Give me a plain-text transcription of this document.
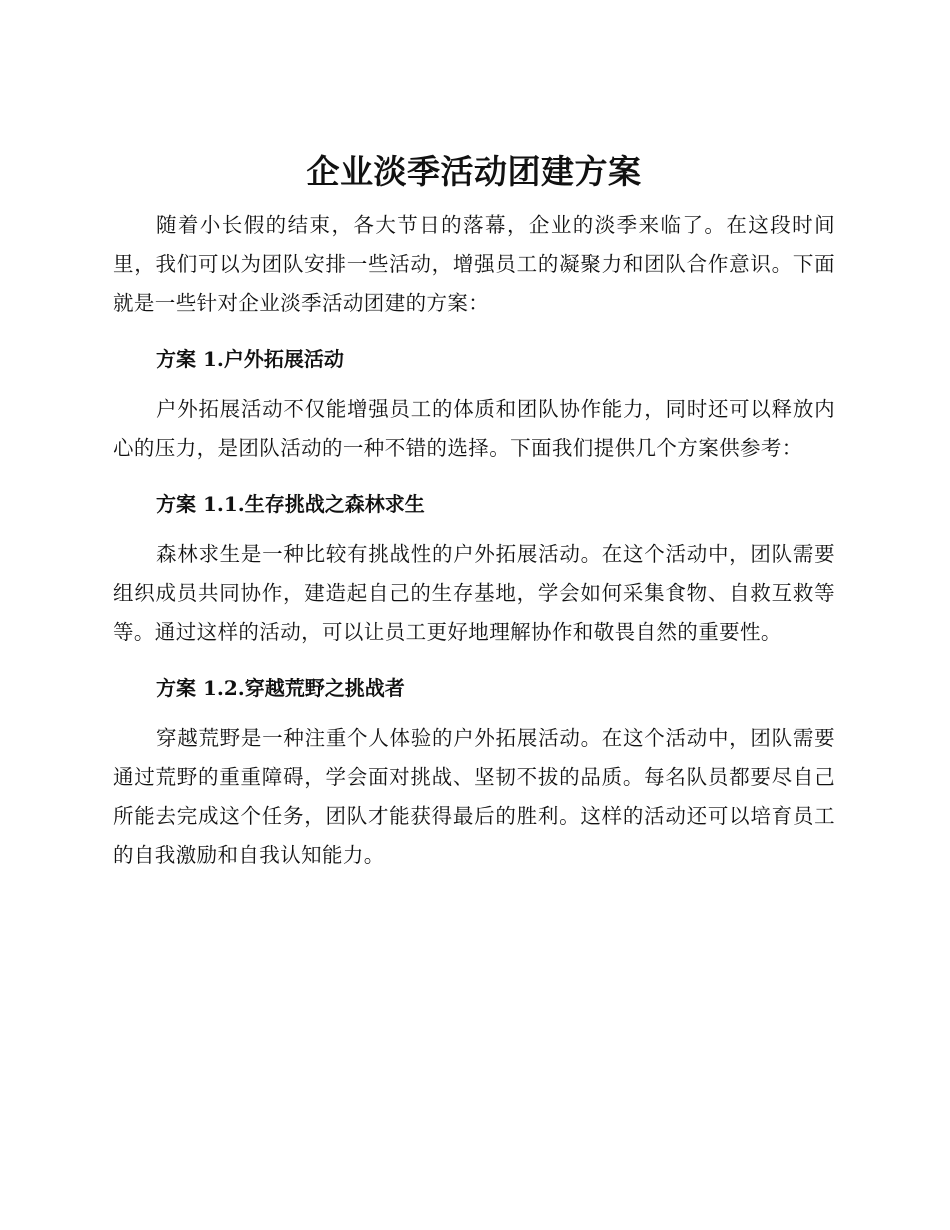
企业淡季活动团建方案

随着小长假的结束，各大节日的落幕，企业的淡季来临了。在这段时间里，我们可以为团队安排一些活动，增强员工的凝聚力和团队合作意识。下面就是一些针对企业淡季活动团建的方案：

方案 1.户外拓展活动

户外拓展活动不仅能增强员工的体质和团队协作能力，同时还可以释放内心的压力，是团队活动的一种不错的选择。下面我们提供几个方案供参考：

方案 1.1.生存挑战之森林求生

森林求生是一种比较有挑战性的户外拓展活动。在这个活动中，团队需要组织成员共同协作，建造起自己的生存基地，学会如何采集食物、自救互救等等。通过这样的活动，可以让员工更好地理解协作和敬畏自然的重要性。

方案 1.2.穿越荒野之挑战者

穿越荒野是一种注重个人体验的户外拓展活动。在这个活动中，团队需要通过荒野的重重障碍，学会面对挑战、坚韧不拔的品质。每名队员都要尽自己所能去完成这个任务，团队才能获得最后的胜利。这样的活动还可以培育员工的自我激励和自我认知能力。
